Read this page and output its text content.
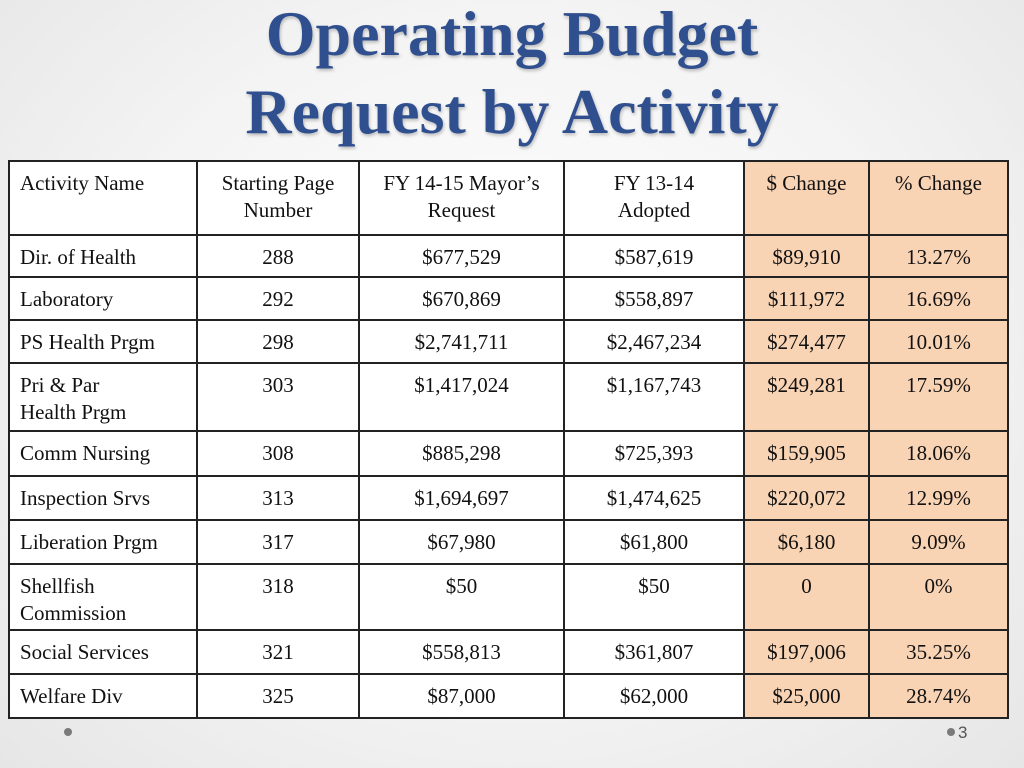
Operating Budget
Request by Activity
Activity Name	Starting Page Number	FY 14-15 Mayor’s Request	FY 13-14 Adopted	$ Change	% Change
Dir. of Health	288	$677,529	$587,619	$89,910	13.27%
Laboratory	292	$670,869	$558,897	$111,972	16.69%
PS Health Prgm	298	$2,741,711	$2,467,234	$274,477	10.01%
Pri & Par
Health Prgm	303	$1,417,024	$1,167,743	$249,281	17.59%
Comm Nursing	308	$885,298	$725,393	$159,905	18.06%
Inspection Srvs	313	$1,694,697	$1,474,625	$220,072	12.99%
Liberation Prgm	317	$67,980	$61,800	$6,180	9.09%
Shellfish
Commission	318	$50	$50	0	0%
Social Services	321	$558,813	$361,807	$197,006	35.25%
Welfare Div	325	$87,000	$62,000	$25,000	28.74%
3
